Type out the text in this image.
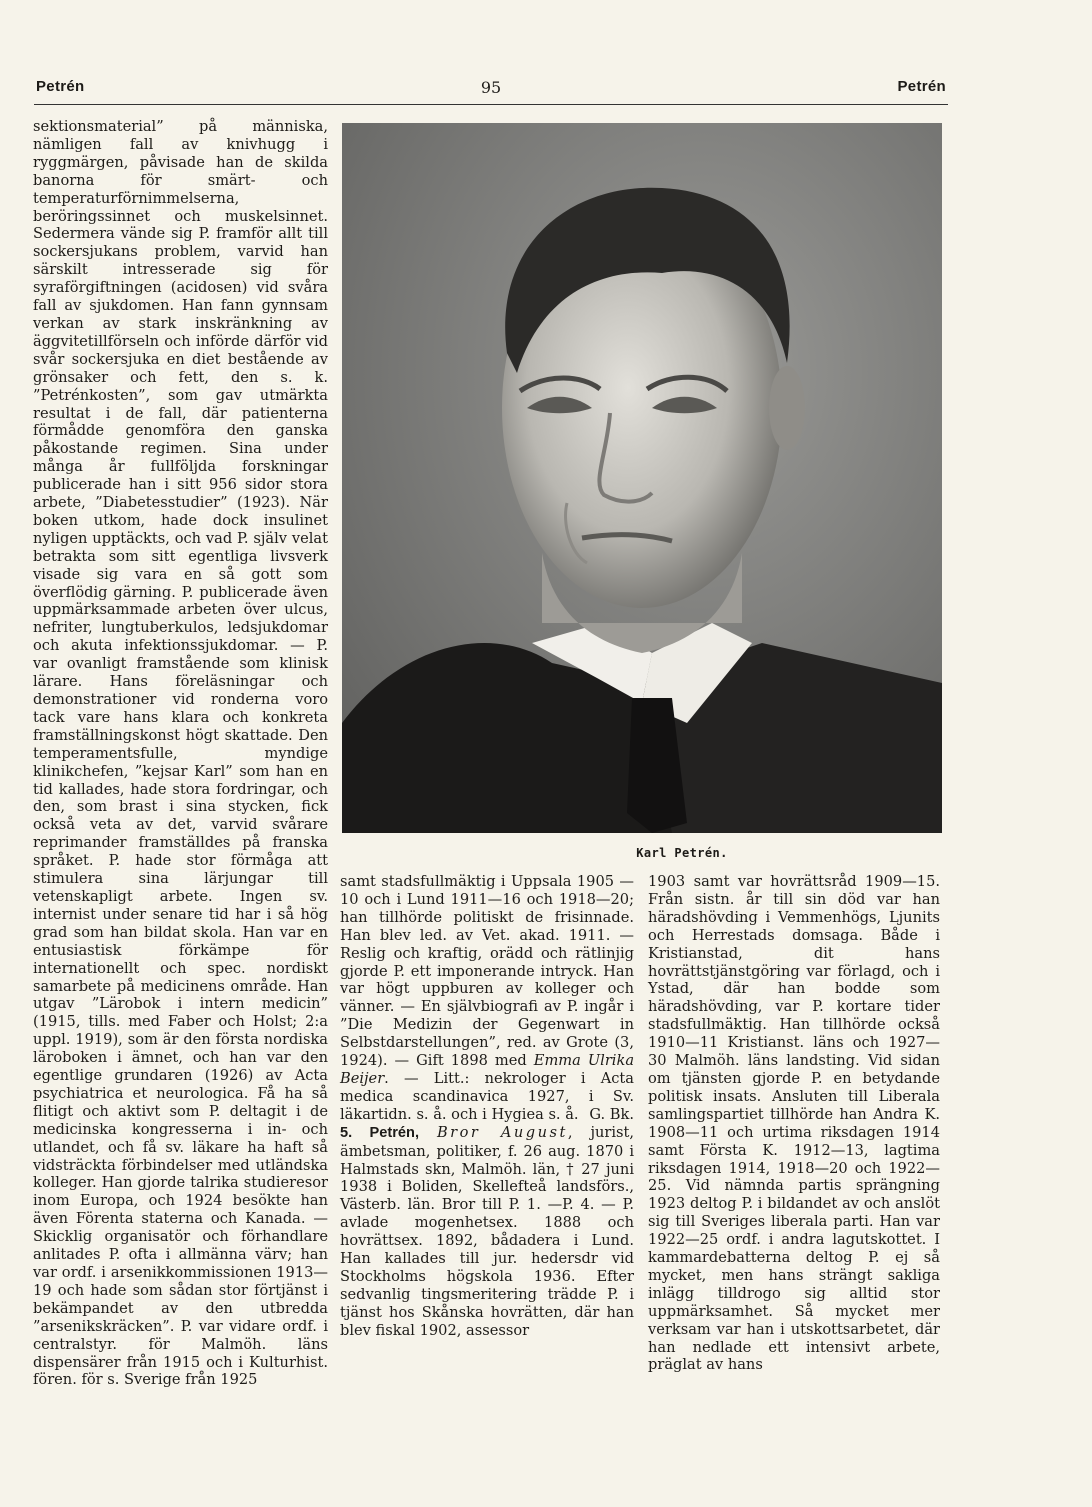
Petrén	95	Petrén

sektionsmaterial” på människa, nämligen fall av knivhugg i ryggmärgen, påvisade han de skilda banorna för smärt- och temperaturförnimmelserna, beröringssinnet och muskelsinnet. Sedermera vände sig P. framför allt till sockersjukans problem, varvid han särskilt intresserade sig för syraförgiftningen (acidosen) vid svåra fall av sjukdomen. Han fann gynnsam verkan av stark inskränkning av äggvitetillförseln och införde därför vid svår sockersjuka en diet bestående av grönsaker och fett, den s. k. ”Petrénkosten”, som gav utmärkta resultat i de fall, där patienterna förmådde genomföra den ganska påkostande regimen. Sina under många år fullföljda forskningar publicerade han i sitt 956 sidor stora arbete, ”Diabetesstudier” (1923). När boken utkom, hade dock insulinet nyligen upptäckts, och vad P. själv velat betrakta som sitt egentliga livsverk visade sig vara en så gott som överflödig gärning. P. publicerade även uppmärksammade arbeten över ulcus, nefriter, lungtuberkulos, ledsjukdomar och akuta infektionssjukdomar. — P. var ovanligt framstående som klinisk lärare. Hans föreläsningar och demonstrationer vid ronderna voro tack vare hans klara och konkreta framställningskonst högt skattade. Den temperamentsfulle, myndige klinikchefen, ”kejsar Karl” som han en tid kallades, hade stora fordringar, och den, som brast i sina stycken, fick också veta av det, varvid svårare reprimander framställdes på franska språket. P. hade stor förmåga att stimulera sina lärjungar till vetenskapligt arbete. Ingen sv. internist under senare tid har i så hög grad som han bildat skola. Han var en entusiastisk förkämpe för internationellt och spec. nordiskt samarbete på medicinens område. Han utgav ”Lärobok i intern medicin” (1915, tills. med Faber och Holst; 2:a uppl. 1919), som är den första nordiska läroboken i ämnet, och han var den egentlige grundaren (1926) av Acta psychiatrica et neurologica. Få ha så flitigt och aktivt som P. deltagit i de medicinska kongresserna i in- och utlandet, och få sv. läkare ha haft så vidsträckta förbindelser med utländska kolleger. Han gjorde talrika studieresor inom Europa, och 1924 besökte han även Förenta staterna och Kanada. — Skicklig organisatör och förhandlare anlitades P. ofta i allmänna värv; han var ordf. i arsenikkommissionen 1913—19 och hade som sådan stor förtjänst i bekämpandet av den utbredda ”arsenikskräcken”. P. var vidare ordf. i centralstyr. för Malmöh. läns dispensärer från 1915 och i Kulturhist. fören. för s. Sverige från 1925

Karl Petrén.

samt stadsfullmäktig i Uppsala 1905 —10 och i Lund 1911—16 och 1918—20; han tillhörde politiskt de frisinnade. Han blev led. av Vet. akad. 1911. — Reslig och kraftig, orädd och rätlinjig gjorde P. ett imponerande intryck. Han var högt uppburen av kolleger och vänner. — En självbiografi av P. ingår i ”Die Medizin der Gegenwart in Selbstdarstellungen”, red. av Grote (3, 1924). — Gift 1898 med Emma Ulrika Beijer. — Litt.: nekrologer i Acta medica scandinavica 1927, i Sv. läkartidn. s. å. och i Hygiea s. å. G. Bk.

5. Petrén, Bror August, jurist, ämbetsman, politiker, f. 26 aug. 1870 i Halmstads skn, Malmöh. län, † 27 juni 1938 i Boliden, Skellefteå landsförs., Västerb. län. Bror till P. 1. —P. 4. — P. avlade mogenhetsex. 1888 och hovrättsex. 1892, bådadera i Lund. Han kallades till jur. hedersdr vid Stockholms högskola 1936. Efter sedvanlig tingsmeritering trädde P. i tjänst hos Skånska hovrätten, där han blev fiskal 1902, assessor

1903 samt var hovrättsråd 1909—15. Från sistn. år till sin död var han häradshövding i Vemmenhögs, Ljunits och Herrestads domsaga. Både i Kristianstad, dit hans hovrättstjänstgöring var förlagd, och i Ystad, där han bodde som häradshövding, var P. kortare tider stadsfullmäktig. Han tillhörde också 1910—11 Kristianst. läns och 1927—30 Malmöh. läns landsting. Vid sidan om tjänsten gjorde P. en betydande politisk insats. Ansluten till Liberala samlingspartiet tillhörde han Andra K. 1908—11 och urtima riksdagen 1914 samt Första K. 1912—13, lagtima riksdagen 1914, 1918—20 och 1922—25. Vid nämnda partis sprängning 1923 deltog P. i bildandet av och anslöt sig till Sveriges liberala parti. Han var 1922—25 ordf. i andra lagutskottet. I kammardebatterna deltog P. ej så mycket, men hans strängt sakliga inlägg tilldrogo sig alltid stor uppmärksamhet. Så mycket mer verksam var han i utskottsarbetet, där han nedlade ett intensivt arbete, präglat av hans
